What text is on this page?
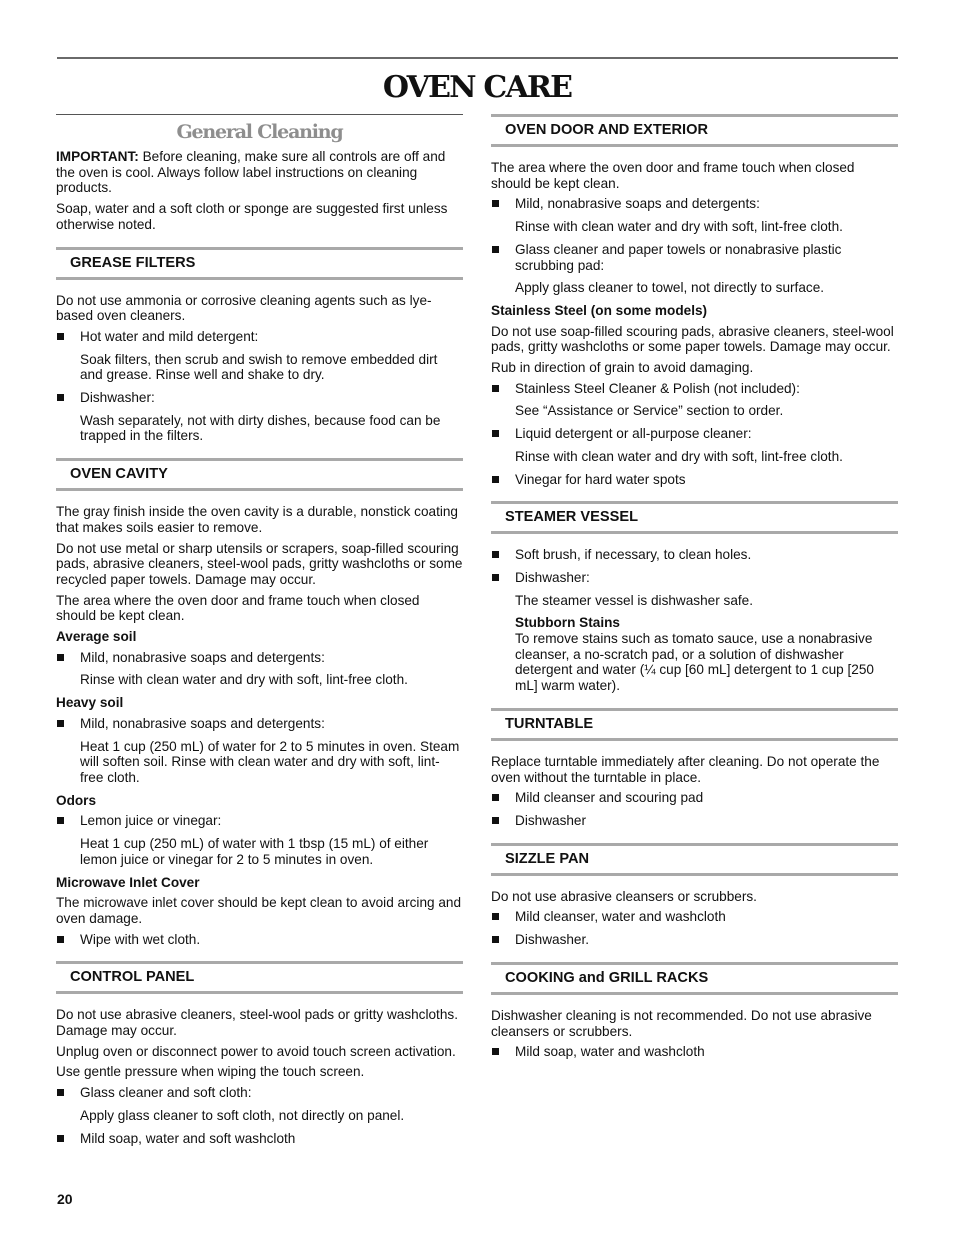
OVEN CARE
General Cleaning

IMPORTANT: Before cleaning, make sure all controls are off and the oven is cool. Always follow label instructions on cleaning products.

Soap, water and a soft cloth or sponge are suggested first unless otherwise noted.

GREASE FILTERS

Do not use ammonia or corrosive cleaning agents such as lye-based oven cleaners.

Hot water and mild detergent:
Soak filters, then scrub and swish to remove embedded dirt and grease. Rinse well and shake to dry.
Dishwasher:
Wash separately, not with dirty dishes, because food can be trapped in the filters.
OVEN CAVITY

The gray finish inside the oven cavity is a durable, nonstick coating that makes soils easier to remove.

Do not use metal or sharp utensils or scrapers, soap-filled scouring pads, abrasive cleaners, steel-wool pads, gritty washcloths or some recycled paper towels. Damage may occur.

The area where the oven door and frame touch when closed should be kept clean.

Average soil
Mild, nonabrasive soaps and detergents:
Rinse with clean water and dry with soft, lint-free cloth.
Heavy soil
Mild, nonabrasive soaps and detergents:
Heat 1 cup (250 mL) of water for 2 to 5 minutes in oven. Steam will soften soil. Rinse with clean water and dry with soft, lint-free cloth.
Odors
Lemon juice or vinegar:
Heat 1 cup (250 mL) of water with 1 tbsp (15 mL) of either lemon juice or vinegar for 2 to 5 minutes in oven.
Microwave Inlet Cover

The microwave inlet cover should be kept clean to avoid arcing and oven damage.

Wipe with wet cloth.
CONTROL PANEL

Do not use abrasive cleaners, steel-wool pads or gritty washcloths. Damage may occur.

Unplug oven or disconnect power to avoid touch screen activation.

Use gentle pressure when wiping the touch screen.

Glass cleaner and soft cloth:
Apply glass cleaner to soft cloth, not directly on panel.
Mild soap, water and soft washcloth
OVEN DOOR AND EXTERIOR

The area where the oven door and frame touch when closed should be kept clean.

Mild, nonabrasive soaps and detergents:
Rinse with clean water and dry with soft, lint-free cloth.
Glass cleaner and paper towels or nonabrasive plastic scrubbing pad:
Apply glass cleaner to towel, not directly to surface.
Stainless Steel (on some models)

Do not use soap-filled scouring pads, abrasive cleaners, steel-wool pads, gritty washcloths or some paper towels. Damage may occur.

Rub in direction of grain to avoid damaging.

Stainless Steel Cleaner & Polish (not included):
See “Assistance or Service” section to order.
Liquid detergent or all-purpose cleaner:
Rinse with clean water and dry with soft, lint-free cloth.
Vinegar for hard water spots
STEAMER VESSEL
Soft brush, if necessary, to clean holes.
Dishwasher:
The steamer vessel is dishwasher safe.
Stubborn Stains
To remove stains such as tomato sauce, use a nonabrasive cleanser, a no-scratch pad, or a solution of dishwasher detergent and water (¼ cup [60 mL] detergent to 1 cup [250 mL] warm water).
TURNTABLE

Replace turntable immediately after cleaning. Do not operate the oven without the turntable in place.

Mild cleanser and scouring pad
Dishwasher
SIZZLE PAN

Do not use abrasive cleansers or scrubbers.

Mild cleanser, water and washcloth
Dishwasher.
COOKING and GRILL RACKS

Dishwasher cleaning is not recommended. Do not use abrasive cleansers or scrubbers.

Mild soap, water and washcloth
20
